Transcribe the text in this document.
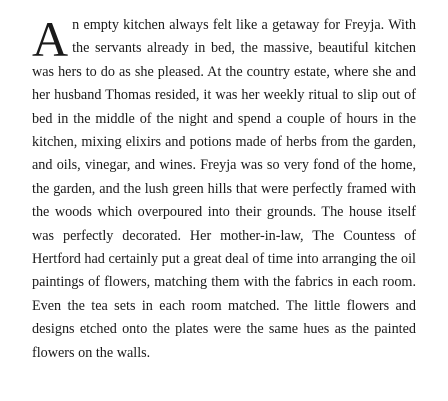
An empty kitchen always felt like a getaway for Freyja. With the servants already in bed, the massive, beautiful kitchen was hers to do as she pleased. At the country estate, where she and her husband Thomas resided, it was her weekly ritual to slip out of bed in the middle of the night and spend a couple of hours in the kitchen, mixing elixirs and potions made of herbs from the garden, and oils, vinegar, and wines. Freyja was so very fond of the home, the garden, and the lush green hills that were perfectly framed with the woods which overpoured into their grounds. The house itself was perfectly decorated. Her mother-in-law, The Countess of Hertford had certainly put a great deal of time into arranging the oil paintings of flowers, matching them with the fabrics in each room. Even the tea sets in each room matched. The little flowers and designs etched onto the plates were the same hues as the painted flowers on the walls.
